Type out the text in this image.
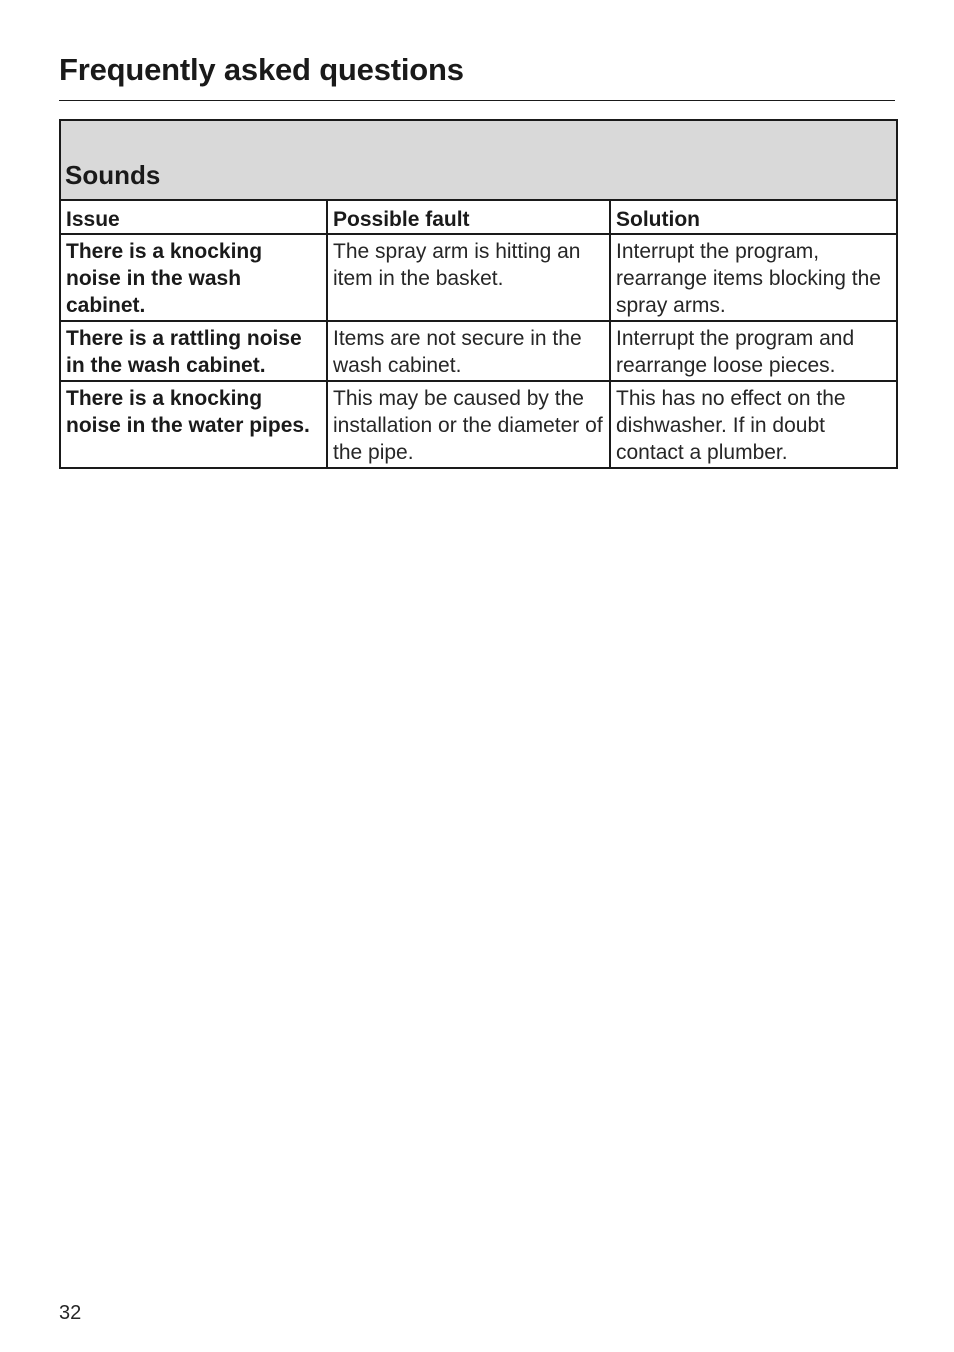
Frequently asked questions
Sounds		
Issue	Possible fault	Solution
There is a knocking noise in the wash cabinet.	The spray arm is hitting an item in the basket.	Interrupt the program, rearrange items blocking the spray arms.
There is a rattling noise in the wash cabinet.	Items are not secure in the wash cabinet.	Interrupt the program and rearrange loose pieces.
There is a knocking noise in the water pipes.	This may be caused by the installation or the diameter of the pipe.	This has no effect on the dishwasher. If in doubt contact a plumber.
32
